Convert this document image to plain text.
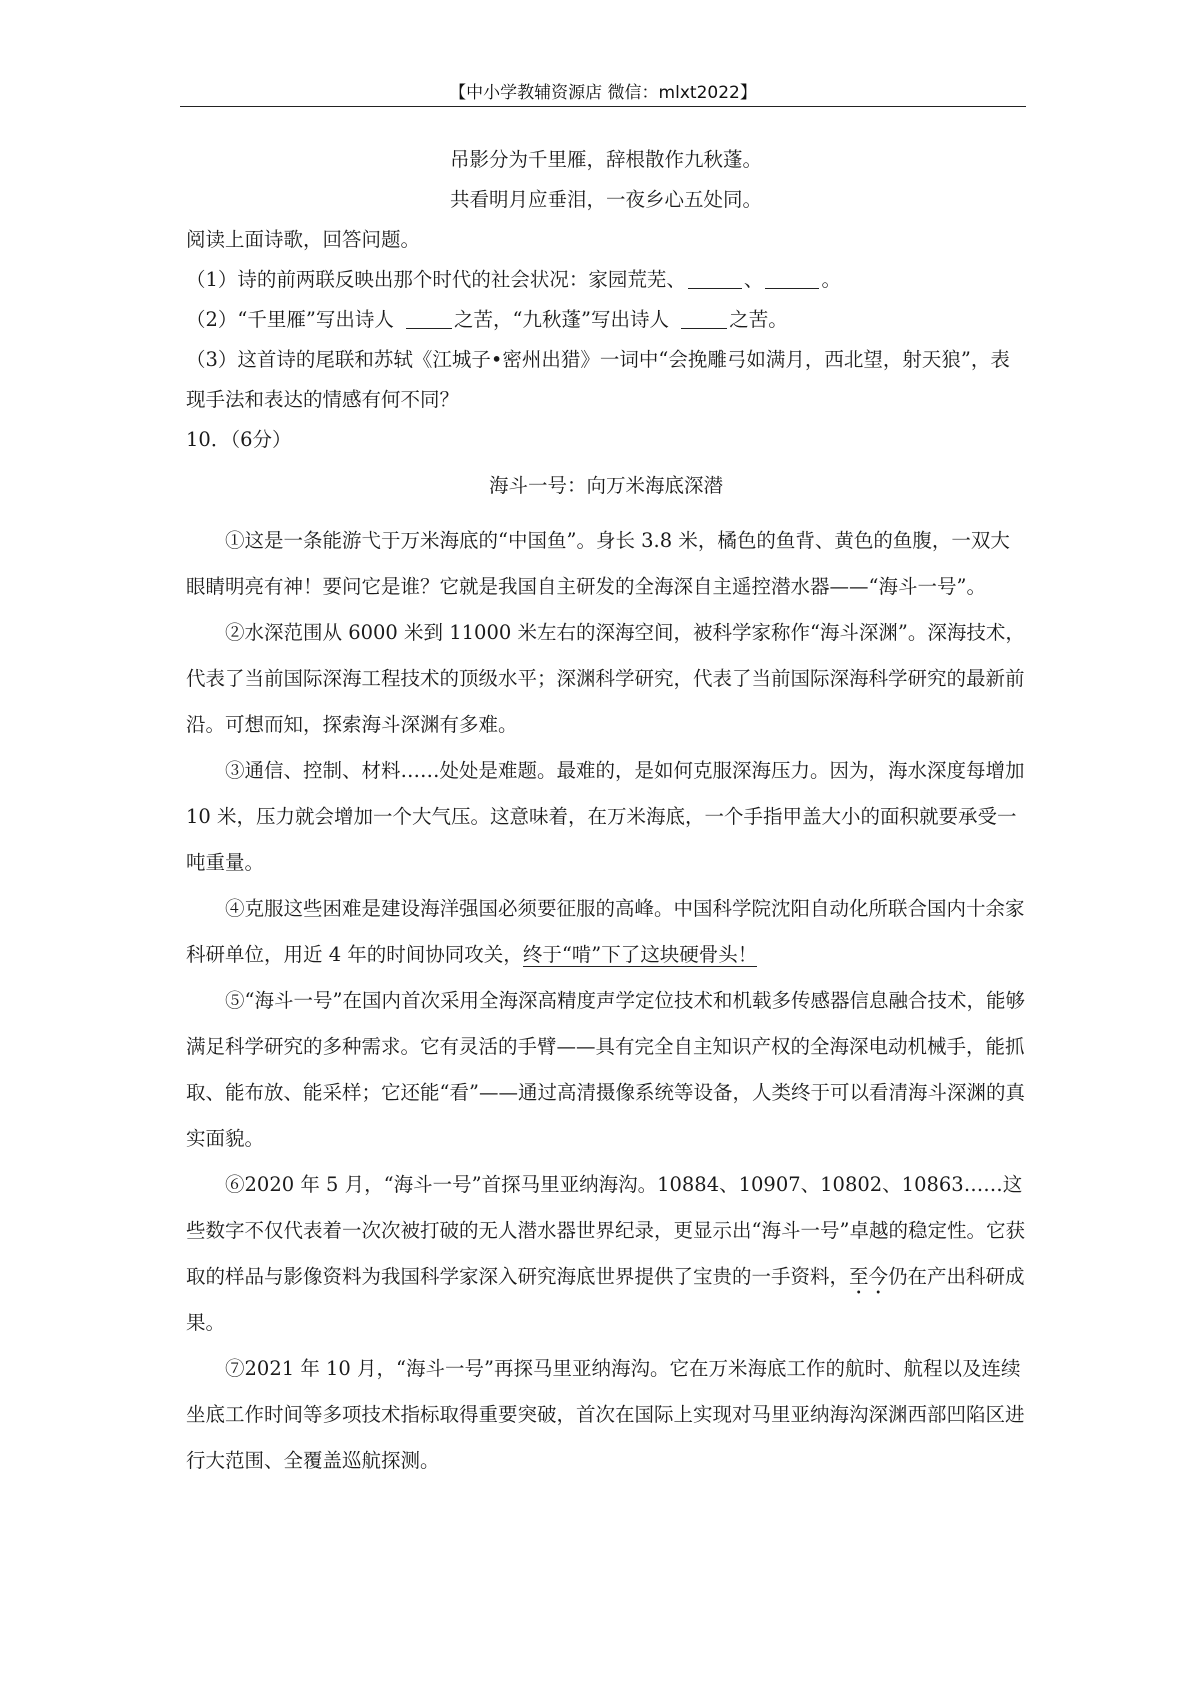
【中小学教辅资源店 微信：mlxt2022】

吊影分为千里雁，辞根散作九秋蓬。

共看明月应垂泪，一夜乡心五处同。

阅读上面诗歌，回答问题。

（1）诗的前两联反映出那个时代的社会状况：家园荒芜、	、	。

（2）“千里雁”写出诗人	之苦，“九秋蓬”写出诗人	之苦。

（3）这首诗的尾联和苏轼《江城子•密州出猎》一词中“会挽雕弓如满月，西北望，射天狼”，表现手法和表达的情感有何不同？

10．（6分）

海斗一号：向万米海底深潜

①这是一条能游弋于万米海底的“中国鱼”。身长 3.8 米，橘色的鱼背、黄色的鱼腹，一双大眼睛明亮有神！要问它是谁？它就是我国自主研发的全海深自主遥控潜水器——“海斗一号”。

②水深范围从 6000 米到 11000 米左右的深海空间，被科学家称作“海斗深渊”。深海技术，代表了当前国际深海工程技术的顶级水平；深渊科学研究，代表了当前国际深海科学研究的最新前沿。可想而知，探索海斗深渊有多难。

③通信、控制、材料……处处是难题。最难的，是如何克服深海压力。因为，海水深度每增加 10 米，压力就会增加一个大气压。这意味着，在万米海底，一个手指甲盖大小的面积就要承受一吨重量。

④克服这些困难是建设海洋强国必须要征服的高峰。中国科学院沈阳自动化所联合国内十余家科研单位，用近 4 年的时间协同攻关，终于“啃”下了这块硬骨头！

⑤“海斗一号”在国内首次采用全海深高精度声学定位技术和机载多传感器信息融合技术，能够满足科学研究的多种需求。它有灵活的手臂——具有完全自主知识产权的全海深电动机械手，能抓取、能布放、能采样；它还能“看”——通过高清摄像系统等设备，人类终于可以看清海斗深渊的真实面貌。

⑥2020 年 5 月，“海斗一号”首探马里亚纳海沟。10884、10907、10802、10863……这些数字不仅代表着一次次被打破的无人潜水器世界纪录，更显示出“海斗一号”卓越的稳定性。它获取的样品与影像资料为我国科学家深入研究海底世界提供了宝贵的一手资料，至今仍在产出科研成果。

⑦2021 年 10 月，“海斗一号”再探马里亚纳海沟。它在万米海底工作的航时、航程以及连续坐底工作时间等多项技术指标取得重要突破，首次在国际上实现对马里亚纳海沟深渊西部凹陷区进行大范围、全覆盖巡航探测。
